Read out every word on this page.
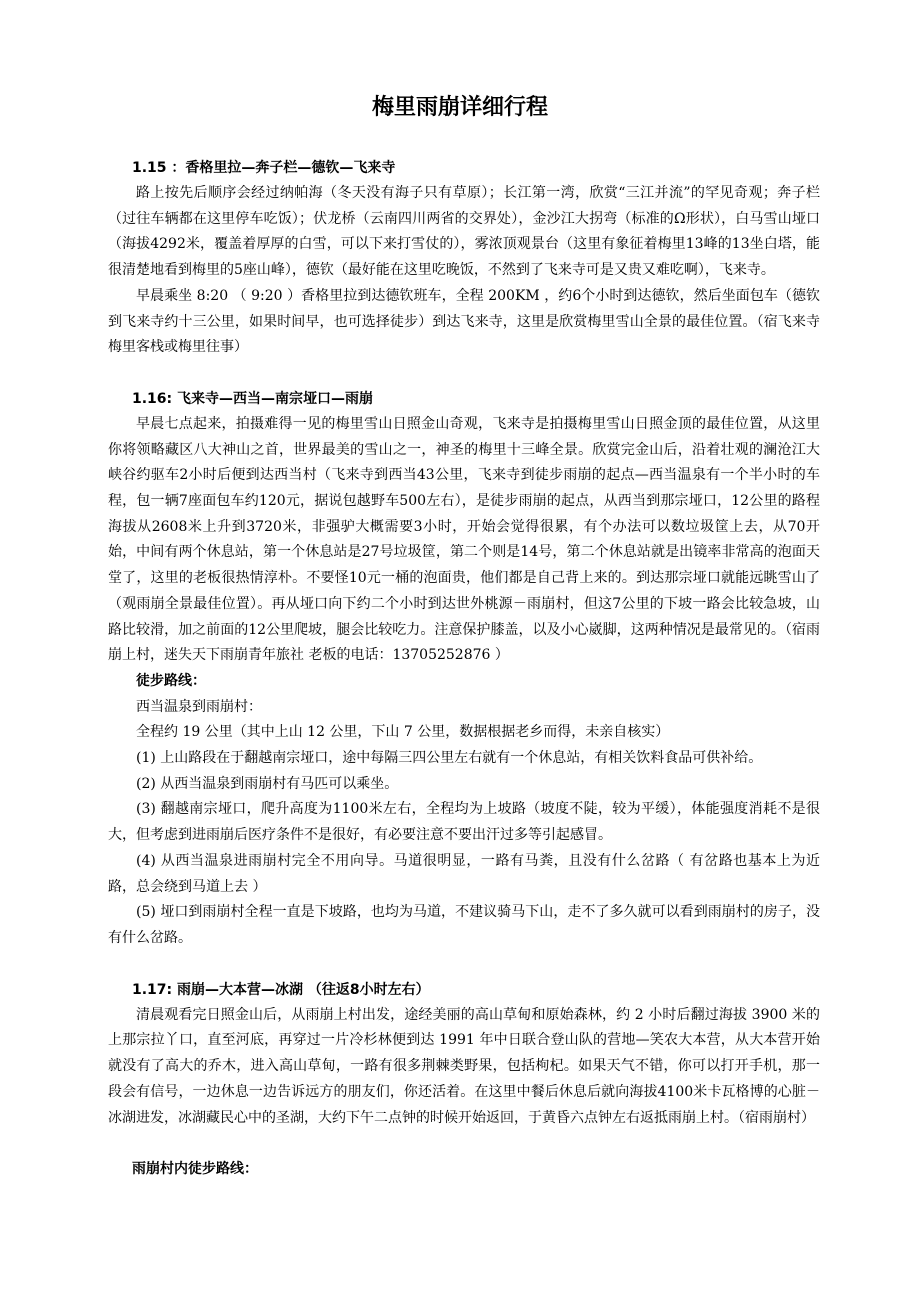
梅里雨崩详细行程

1.15 ：香格里拉—奔子栏—德钦—飞来寺

路上按先后顺序会经过纳帕海（冬天没有海子只有草原）；长江第一湾，欣赏“三江并流”的罕见奇观；奔子栏（过往车辆都在这里停车吃饭）；伏龙桥（云南四川两省的交界处），金沙江大拐弯（标准的Ω形状），白马雪山垭口（海拔4292米，覆盖着厚厚的白雪，可以下来打雪仗的），雾浓顶观景台（这里有象征着梅里13峰的13坐白塔，能很清楚地看到梅里的5座山峰），德钦（最好能在这里吃晚饭，不然到了飞来寺可是又贵又难吃啊），飞来寺。

早晨乘坐 8:20 （ 9:20 ）香格里拉到达德钦班车，全程 200KM ，约6个小时到达德钦，然后坐面包车（德钦到飞来寺约十三公里，如果时间早，也可选择徒步）到达飞来寺，这里是欣赏梅里雪山全景的最佳位置。（宿飞来寺梅里客栈或梅里往事）

1.16: 飞来寺—西当—南宗垭口—雨崩

早晨七点起来，拍摄难得一见的梅里雪山日照金山奇观，飞来寺是拍摄梅里雪山日照金顶的最佳位置，从这里你将领略藏区八大神山之首，世界最美的雪山之一，神圣的梅里十三峰全景。欣赏完金山后，沿着壮观的澜沧江大峡谷约驱车2小时后便到达西当村（飞来寺到西当43公里，飞来寺到徒步雨崩的起点—西当温泉有一个半小时的车程，包一辆7座面包车约120元，据说包越野车500左右），是徒步雨崩的起点，从西当到那宗垭口，12公里的路程海拔从2608米上升到3720米，非强驴大概需要3小时，开始会觉得很累，有个办法可以数垃圾筐上去，从70开始，中间有两个休息站，第一个休息站是27号垃圾筐，第二个则是14号，第二个休息站就是出镜率非常高的泡面天堂了，这里的老板很热情淳朴。不要怪10元一桶的泡面贵，他们都是自己背上来的。到达那宗垭口就能远眺雪山了（观雨崩全景最佳位置）。再从垭口向下约二个小时到达世外桃源－雨崩村，但这7公里的下坡一路会比较急坡，山路比较滑，加之前面的12公里爬坡，腿会比较吃力。注意保护膝盖，以及小心崴脚，这两种情况是最常见的。（宿雨崩上村，迷失天下雨崩青年旅社 老板的电话：13705252876 ）

徒步路线：

西当温泉到雨崩村：

全程约 19 公里（其中上山 12 公里，下山 7 公里，数据根据老乡而得，未亲自核实）

(1) 上山路段在于翻越南宗垭口，途中每隔三四公里左右就有一个休息站，有相关饮料食品可供补给。

(2) 从西当温泉到雨崩村有马匹可以乘坐。

(3) 翻越南宗垭口，爬升高度为1100米左右，全程均为上坡路（坡度不陡，较为平缓），体能强度消耗不是很大，但考虑到进雨崩后医疗条件不是很好，有必要注意不要出汗过多等引起感冒。

(4) 从西当温泉进雨崩村完全不用向导。马道很明显，一路有马粪，且没有什么岔路（ 有岔路也基本上为近路，总会绕到马道上去 ）

(5) 垭口到雨崩村全程一直是下坡路，也均为马道，不建议骑马下山，走不了多久就可以看到雨崩村的房子，没有什么岔路。

1.17: 雨崩—大本营—冰湖 （往返8小时左右）

清晨观看完日照金山后，从雨崩上村出发，途经美丽的高山草甸和原始森林，约 2 小时后翻过海拔 3900 米的上那宗拉丫口，直至河底，再穿过一片冷杉林便到达 1991 年中日联合登山队的营地—笑农大本营，从大本营开始就没有了高大的乔木，进入高山草甸，一路有很多荆棘类野果，包括枸杞。如果天气不错，你可以打开手机，那一段会有信号，一边休息一边告诉远方的朋友们，你还活着。在这里中餐后休息后就向海拔4100米卡瓦格博的心脏－冰湖进发，冰湖藏民心中的圣湖，大约下午二点钟的时候开始返回，于黄昏六点钟左右返抵雨崩上村。（宿雨崩村）

雨崩村内徒步路线：
